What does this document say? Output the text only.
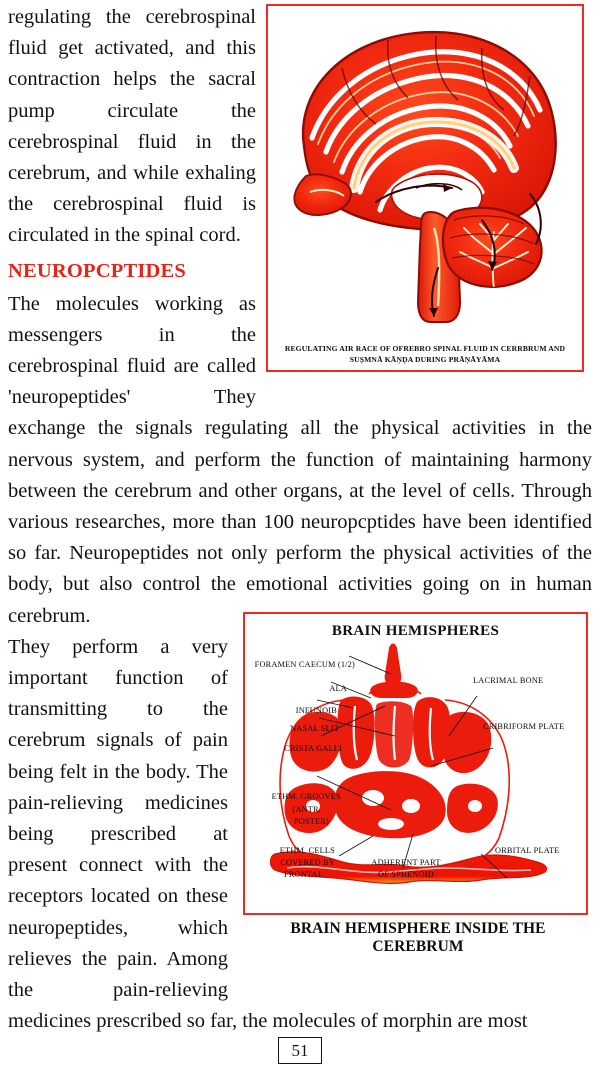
regulating the cerebrospinal fluid get activated, and this contraction helps the sacral pump circulate the cerebrospinal fluid in the cerebrum, and while exhaling the cerebrospinal fluid is circulated in the spinal cord.

NEUROPCPTIDES

The molecules working as messengers in the cerebrospinal fluid are called 'neuropeptides' They exchange the signals regulating all the physical activities in the nervous system, and perform the function of maintaining harmony between the cerebrum and other organs, at the level of cells. Through various researches, more than 100 neuropcptides have been identified so far. Neuropeptides not only perform the physical activities of the body, but also control the emotional activities going on in human cerebrum.

They perform a very important function of transmitting to the cerebrum signals of pain being felt in the body. The pain-relieving medicines being prescribed at present connect with the receptors located on these neuropeptides, which relieves the pain. Among the pain-relieving medicines prescribed so far, the molecules of morphin are most

REGULATING AIR RACE OF OFREBRO SPINAL FLUID IN CERRBRUM AND
SUṢMNĀ KĀṆḌA DURING PRĀṆĀYĀMA
BRAIN HEMISPHERES
FORAMEN CAECUM (1/2)
ALA
INFUNOIB
NASAL SLIT
CRISTA GALLI
ETHM. GROOVES
(ANTR.
POSTER)
ETHM. CELLS
COVERED BY
FRONTAL
ADHERENT PART
OF SPHENOID
LACRIMAL BONE
CRIBRIFORM PLATE
ORBITAL PLATE
BRAIN HEMISPHERE INSIDE THE CEREBRUM
51
